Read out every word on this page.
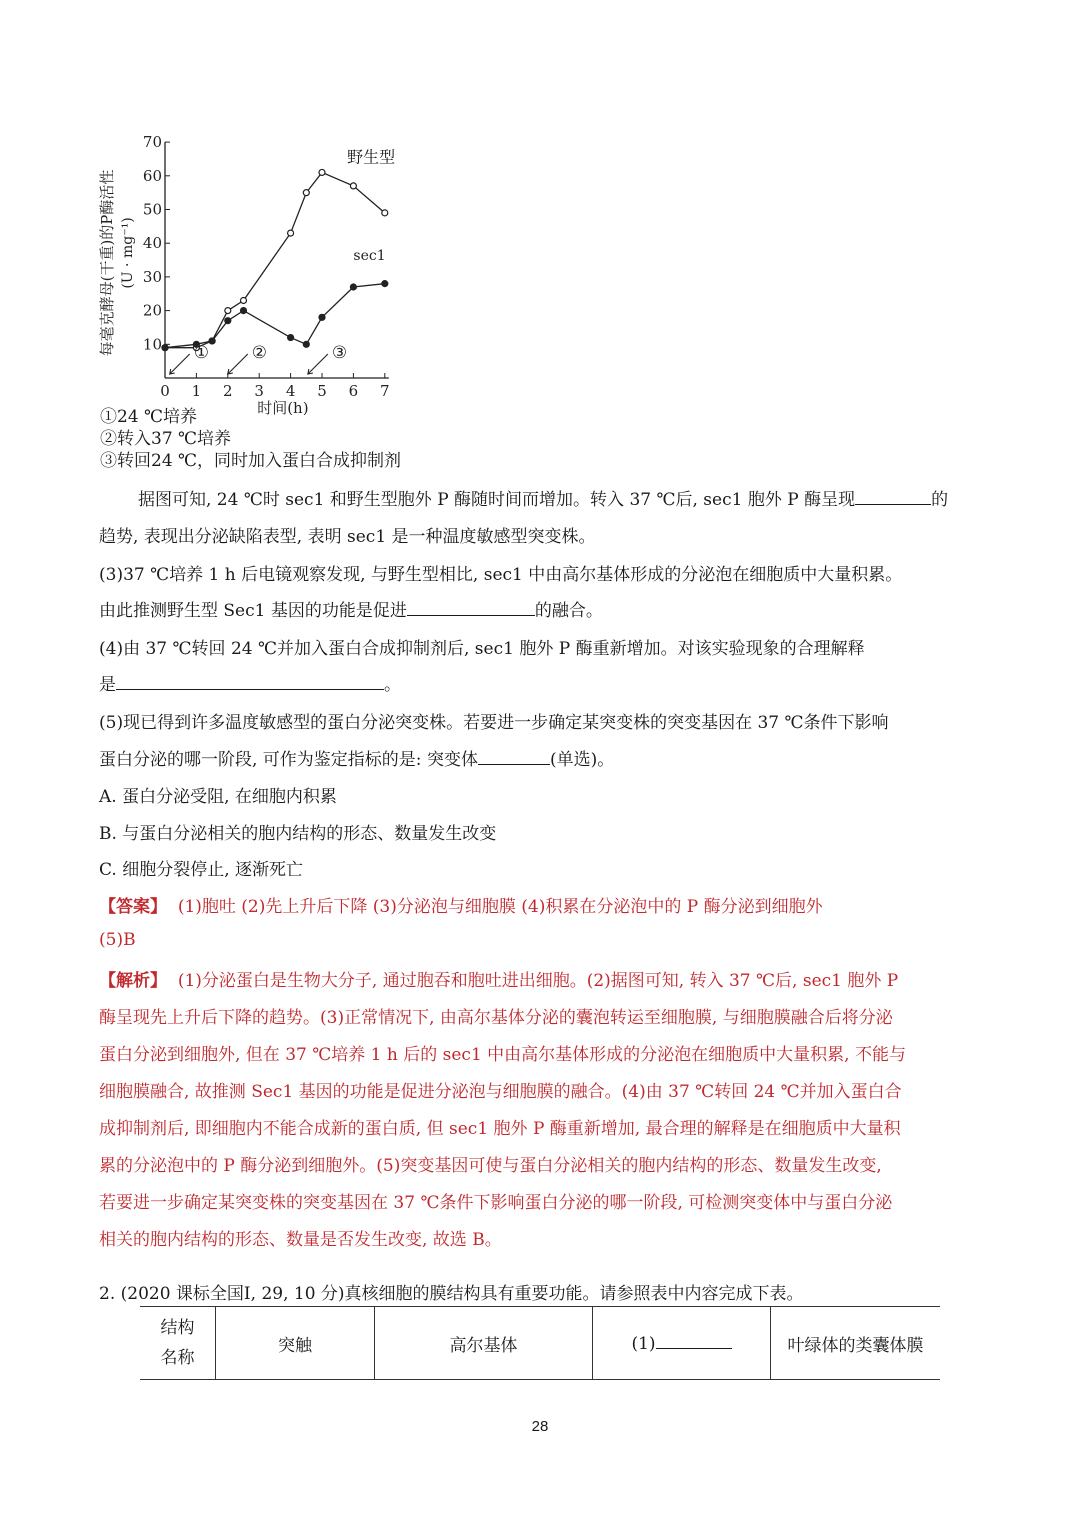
0 1 2 3 4 5 6 7
10
20
30
40
50
60
70
时间(h)
每毫克酵母(干重)的P酶活性 (U · mg⁻¹)
野生型
sec1
①	②	③
①24 ℃培养
②转入37 ℃培养
③转回24 ℃，同时加入蛋白合成抑制剂
据图可知, 24 ℃时 sec1 和野生型胞外 P 酶随时间而增加。转入 37 ℃后, sec1 胞外 P 酶呈现	的
趋势, 表现出分泌缺陷表型, 表明 sec1 是一种温度敏感型突变株。
(3)37 ℃培养 1 h 后电镜观察发现, 与野生型相比, sec1 中由高尔基体形成的分泌泡在细胞质中大量积累。
由此推测野生型 Sec1 基因的功能是促进	的融合。
(4)由 37 ℃转回 24 ℃并加入蛋白合成抑制剂后, sec1 胞外 P 酶重新增加。对该实验现象的合理解释
是	。
(5)现已得到许多温度敏感型的蛋白分泌突变株。若要进一步确定某突变株的突变基因在 37 ℃条件下影响
蛋白分泌的哪一阶段, 可作为鉴定指标的是: 突变体	(单选)。
A. 蛋白分泌受阻, 在细胞内积累
B. 与蛋白分泌相关的胞内结构的形态、数量发生改变
C. 细胞分裂停止, 逐渐死亡
【答案】 (1)胞吐 (2)先上升后下降 (3)分泌泡与细胞膜 (4)积累在分泌泡中的 P 酶分泌到细胞外
(5)B
【解析】 (1)分泌蛋白是生物大分子, 通过胞吞和胞吐进出细胞。(2)据图可知, 转入 37 ℃后, sec1 胞外 P
酶呈现先上升后下降的趋势。(3)正常情况下, 由高尔基体分泌的囊泡转运至细胞膜, 与细胞膜融合后将分泌
蛋白分泌到细胞外, 但在 37 ℃培养 1 h 后的 sec1 中由高尔基体形成的分泌泡在细胞质中大量积累, 不能与
细胞膜融合, 故推测 Sec1 基因的功能是促进分泌泡与细胞膜的融合。(4)由 37 ℃转回 24 ℃并加入蛋白合
成抑制剂后, 即细胞内不能合成新的蛋白质, 但 sec1 胞外 P 酶重新增加, 最合理的解释是在细胞质中大量积
累的分泌泡中的 P 酶分泌到细胞外。(5)突变基因可使与蛋白分泌相关的胞内结构的形态、数量发生改变,
若要进一步确定某突变株的突变基因在 37 ℃条件下影响蛋白分泌的哪一阶段, 可检测突变体中与蛋白分泌
相关的胞内结构的形态、数量是否发生改变, 故选 B。
2. (2020 课标全国Ⅰ, 29, 10 分)真核细胞的膜结构具有重要功能。请参照表中内容完成下表。
结构
名称
	突触	高尔基体	(1)	叶绿体的类囊体膜
28
